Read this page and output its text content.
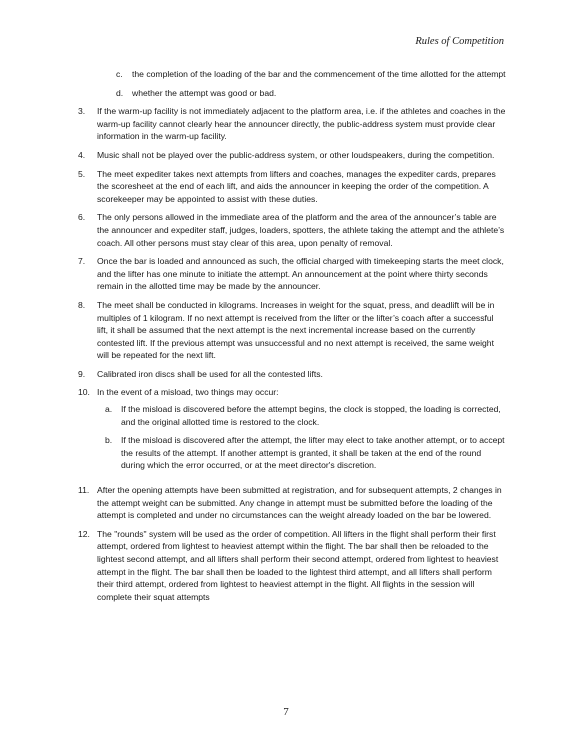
Rules of Competition
c.	the completion of the loading of the bar and the commencement of the time allotted for the attempt
d.	whether the attempt was good or bad.
3.	If the warm-up facility is not immediately adjacent to the platform area, i.e. if the athletes and coaches in the warm-up facility cannot clearly hear the announcer directly, the public-address system must provide clear information in the warm-up facility.
4.	Music shall not be played over the public-address system, or other loudspeakers, during the competition.
5.	The meet expediter takes next attempts from lifters and coaches, manages the expediter cards, prepares the scoresheet at the end of each lift, and aids the announcer in keeping the order of the competition. A scorekeeper may be appointed to assist with these duties.
6.	The only persons allowed in the immediate area of the platform and the area of the announcer’s table are the announcer and expediter staff, judges, loaders, spotters, the athlete taking the attempt and the athlete’s coach. All other persons must stay clear of this area, upon penalty of removal.
7.	Once the bar is loaded and announced as such, the official charged with timekeeping starts the meet clock, and the lifter has one minute to initiate the attempt. An announcement at the point where thirty seconds remain in the allotted time may be made by the announcer.
8.	The meet shall be conducted in kilograms. Increases in weight for the squat, press, and deadlift will be in multiples of 1 kilogram. If no next attempt is received from the lifter or the lifter’s coach after a successful lift, it shall be assumed that the next attempt is the next incremental increase based on the currently contested lift. If the previous attempt was unsuccessful and no next attempt is received, the same weight will be repeated for the next lift.
9.	Calibrated iron discs shall be used for all the contested lifts.
10. In the event of a misload, two things may occur:
a.	If the misload is discovered before the attempt begins, the clock is stopped, the loading is corrected, and the original allotted time is restored to the clock.
b.	If the misload is discovered after the attempt, the lifter may elect to take another attempt, or to accept the results of the attempt. If another attempt is granted, it shall be taken at the end of the round during which the error occurred, or at the meet director's discretion.
11. After the opening attempts have been submitted at registration, and for subsequent attempts, 2 changes in the attempt weight can be submitted. Any change in attempt must be submitted before the loading of the attempt is completed and under no circumstances can the weight already loaded on the bar be lowered.
12. The "rounds" system will be used as the order of competition. All lifters in the flight shall perform their first attempt, ordered from lightest to heaviest attempt within the flight. The bar shall then be reloaded to the lightest second attempt, and all lifters shall perform their second attempt, ordered from lightest to heaviest attempt in the flight. The bar shall then be loaded to the lightest third attempt, and all lifters shall perform their third attempt, ordered from lightest to heaviest attempt in the flight. All flights in the session will complete their squat attempts
7
